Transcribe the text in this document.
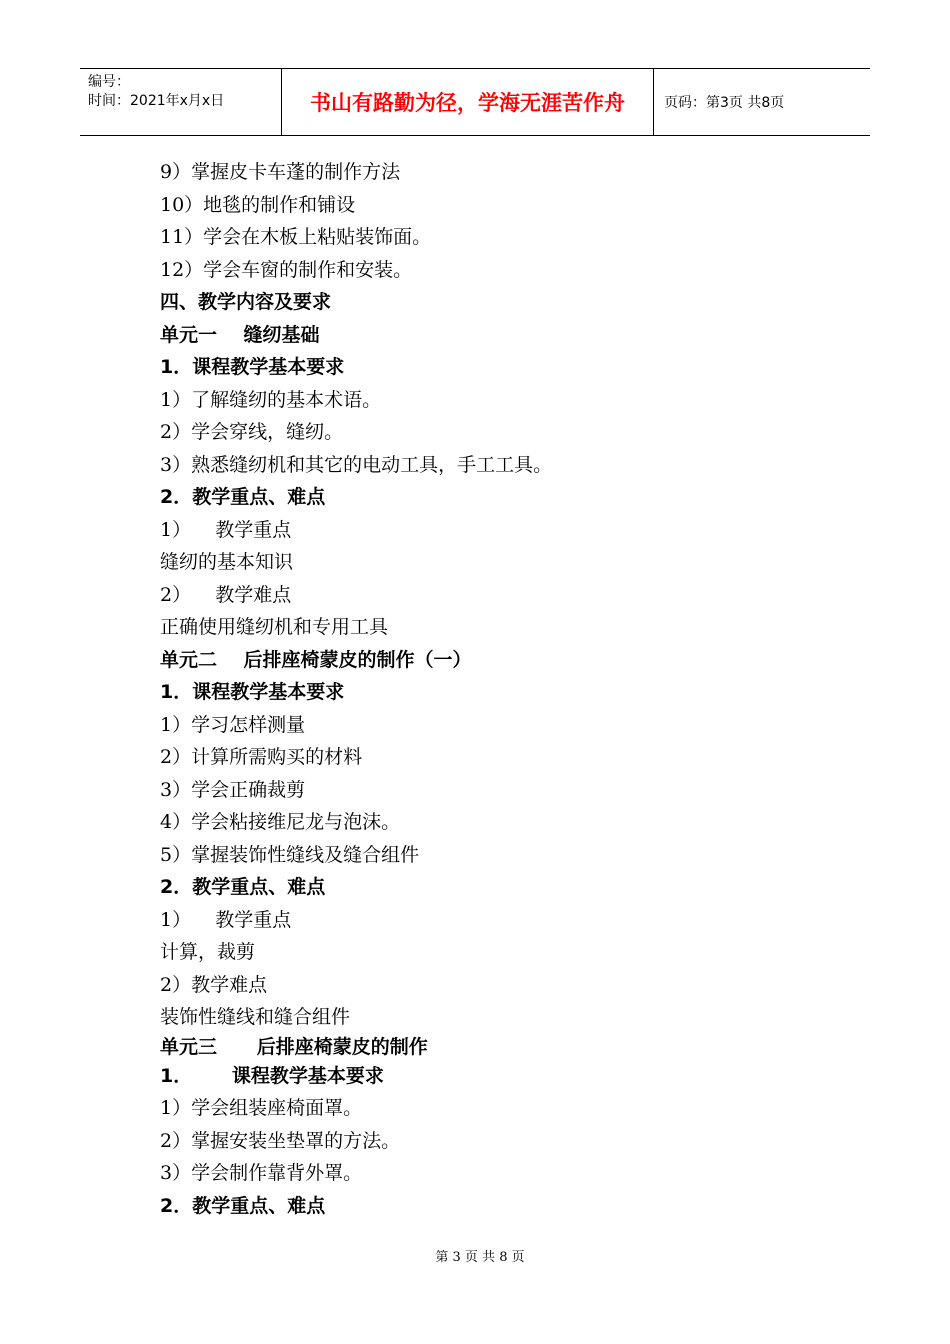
编号：
时间：2021年x月x日	书山有路勤为径，学海无涯苦作舟	页码：第3页 共8页
9）掌握皮卡车蓬的制作方法
10）地毯的制作和铺设
11）学会在木板上粘贴装饰面。
12）学会车窗的制作和安装。
四、教学内容及要求
单元一    缝纫基础
1．课程教学基本要求
1）了解缝纫的基本术语。
2）学会穿线，缝纫。
3）熟悉缝纫机和其它的电动工具，手工工具。
2．教学重点、难点
1）    教学重点
缝纫的基本知识
2）    教学难点
正确使用缝纫机和专用工具
单元二    后排座椅蒙皮的制作（一）
1．课程教学基本要求
1）学习怎样测量
2）计算所需购买的材料
3）学会正确裁剪
4）学会粘接维尼龙与泡沫。
5）掌握装饰性缝线及缝合组件
2．教学重点、难点
1）    教学重点
计算，裁剪
2）教学难点
装饰性缝线和缝合组件
单元三      后排座椅蒙皮的制作
1．      课程教学基本要求
1）学会组装座椅面罩。
2）掌握安装坐垫罩的方法。
3）学会制作靠背外罩。
2．教学重点、难点
第 3 页 共 8 页
